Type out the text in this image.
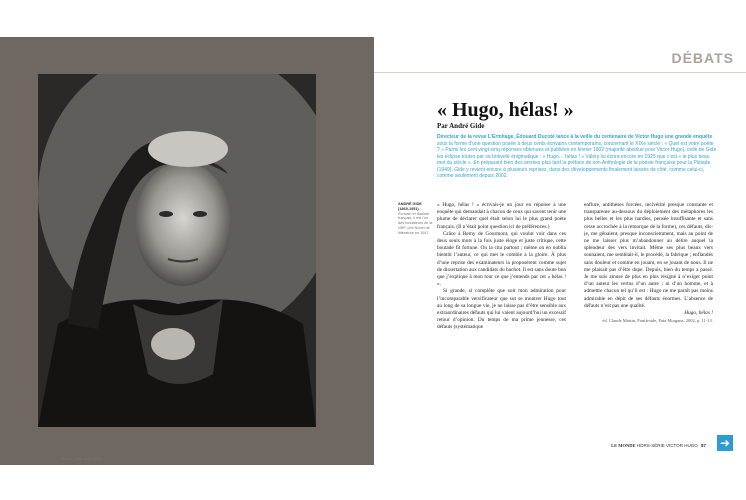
André Gide vers 1930.
DÉBATS
« Hugo, hélas! »
Par André Gide
Directeur de la revue L’Ermitage, Édouard Ducoté lance à la veille du centenaire de Victor Hugo une grande enquête sous la forme d’une question posée à deux cents écrivains contemporains, concernant le XIXe siècle : « Quel est votre poète ? » Parmi les cent vingt-cinq réponses obtenues et publiées en février 1902 (majorité absolue pour Victor Hugo), celle de Gide les éclipse toutes par sa brièveté énigmatique : « Hugo… hélas ! » Valéry lui écrira encore en 1925 que c’est « le plus beau mot du siècle ». En préparant bien des années plus tard la préface de son Anthologie de la poésie française pour la Pléiade (1949), Gide y revient encore à plusieurs reprises, dans des développements finalement laissés de côté, comme celui-ci, comme seulement depuis 2002.
ANDRÉ GIDE
(1869-1951)
Écrivain et diariste français, il est l’un des fondateurs de la NRF, prix Nobel de littérature en 1947.

« Hugo, hélas ! » écrivais-je un jour en réponse à une enquête qui demandait à chacun de ceux qui savent tenir une plume de déclarer quel était selon lui le plus grand poète français. (Il n’était point question ici de préférences.)

Grâce à Remy de Gourmont, qui voulut voir dans ces deux seuls mots à la fois juste éloge et juste critique, cette boutade fit fortune. On la cita partout ; même on en oublia bientôt l’auteur, ce qui met le comble à la gloire. À plus d’une reprise des examinateurs la proposèrent comme sujet de dissertation aux candidats du bachot. Il est sans doute bon que j’explique à mon tour ce que j’entends par cet « hélas ! ».

Si grande, si complète que soit mon admiration pour l’incomparable versificateur que sut se montrer Hugo tout au long de sa longue vie, je ne laisse pas d’être sensible aux extraordinaires défauts qui lui valent aujourd’hui un excessif retour d’opinion. Du temps de ma prime jeunesse, ces défauts (systématique

enflure, antithèses forcées, incivérité presque constante et transparente au-dessous du déploiement des métaphores les plus belles et les plus hardies, pensée insuffisante et sans cesse accrochée à la remorque de la forme), ces défauts, dis-je, me gênaient, presque inconsciemment, mais au point de ne me laisser plus m’abandonner au délire auquel la splendeur des vers invitait. Même ses plus beaux vers sonnaient, me semblait-il, le procédé, la fabrique ; enflandés sans douleur et comme en jouant, en se jouant de nous. Il ne me plaisait pas d’être dupe. Depuis, bien du temps a passé. Je me suis amusé de plus en plus résigné à n’exiger point d’un auteur les vertus d’un autre ; ni d’un homme, et à admettre chacun tel qu’il est : Hugo ne me paraît pas moins admirable en dépit de ses défauts énormes. L’absence de défauts n’est pas une qualité.

Hugo, hélas !

éd. Claude Martin, Fontfroide, Fata Morgana, 2002, p. 11-13.

LE MONDE HORS-SÉRIE VICTOR HUGO 87 ➜
